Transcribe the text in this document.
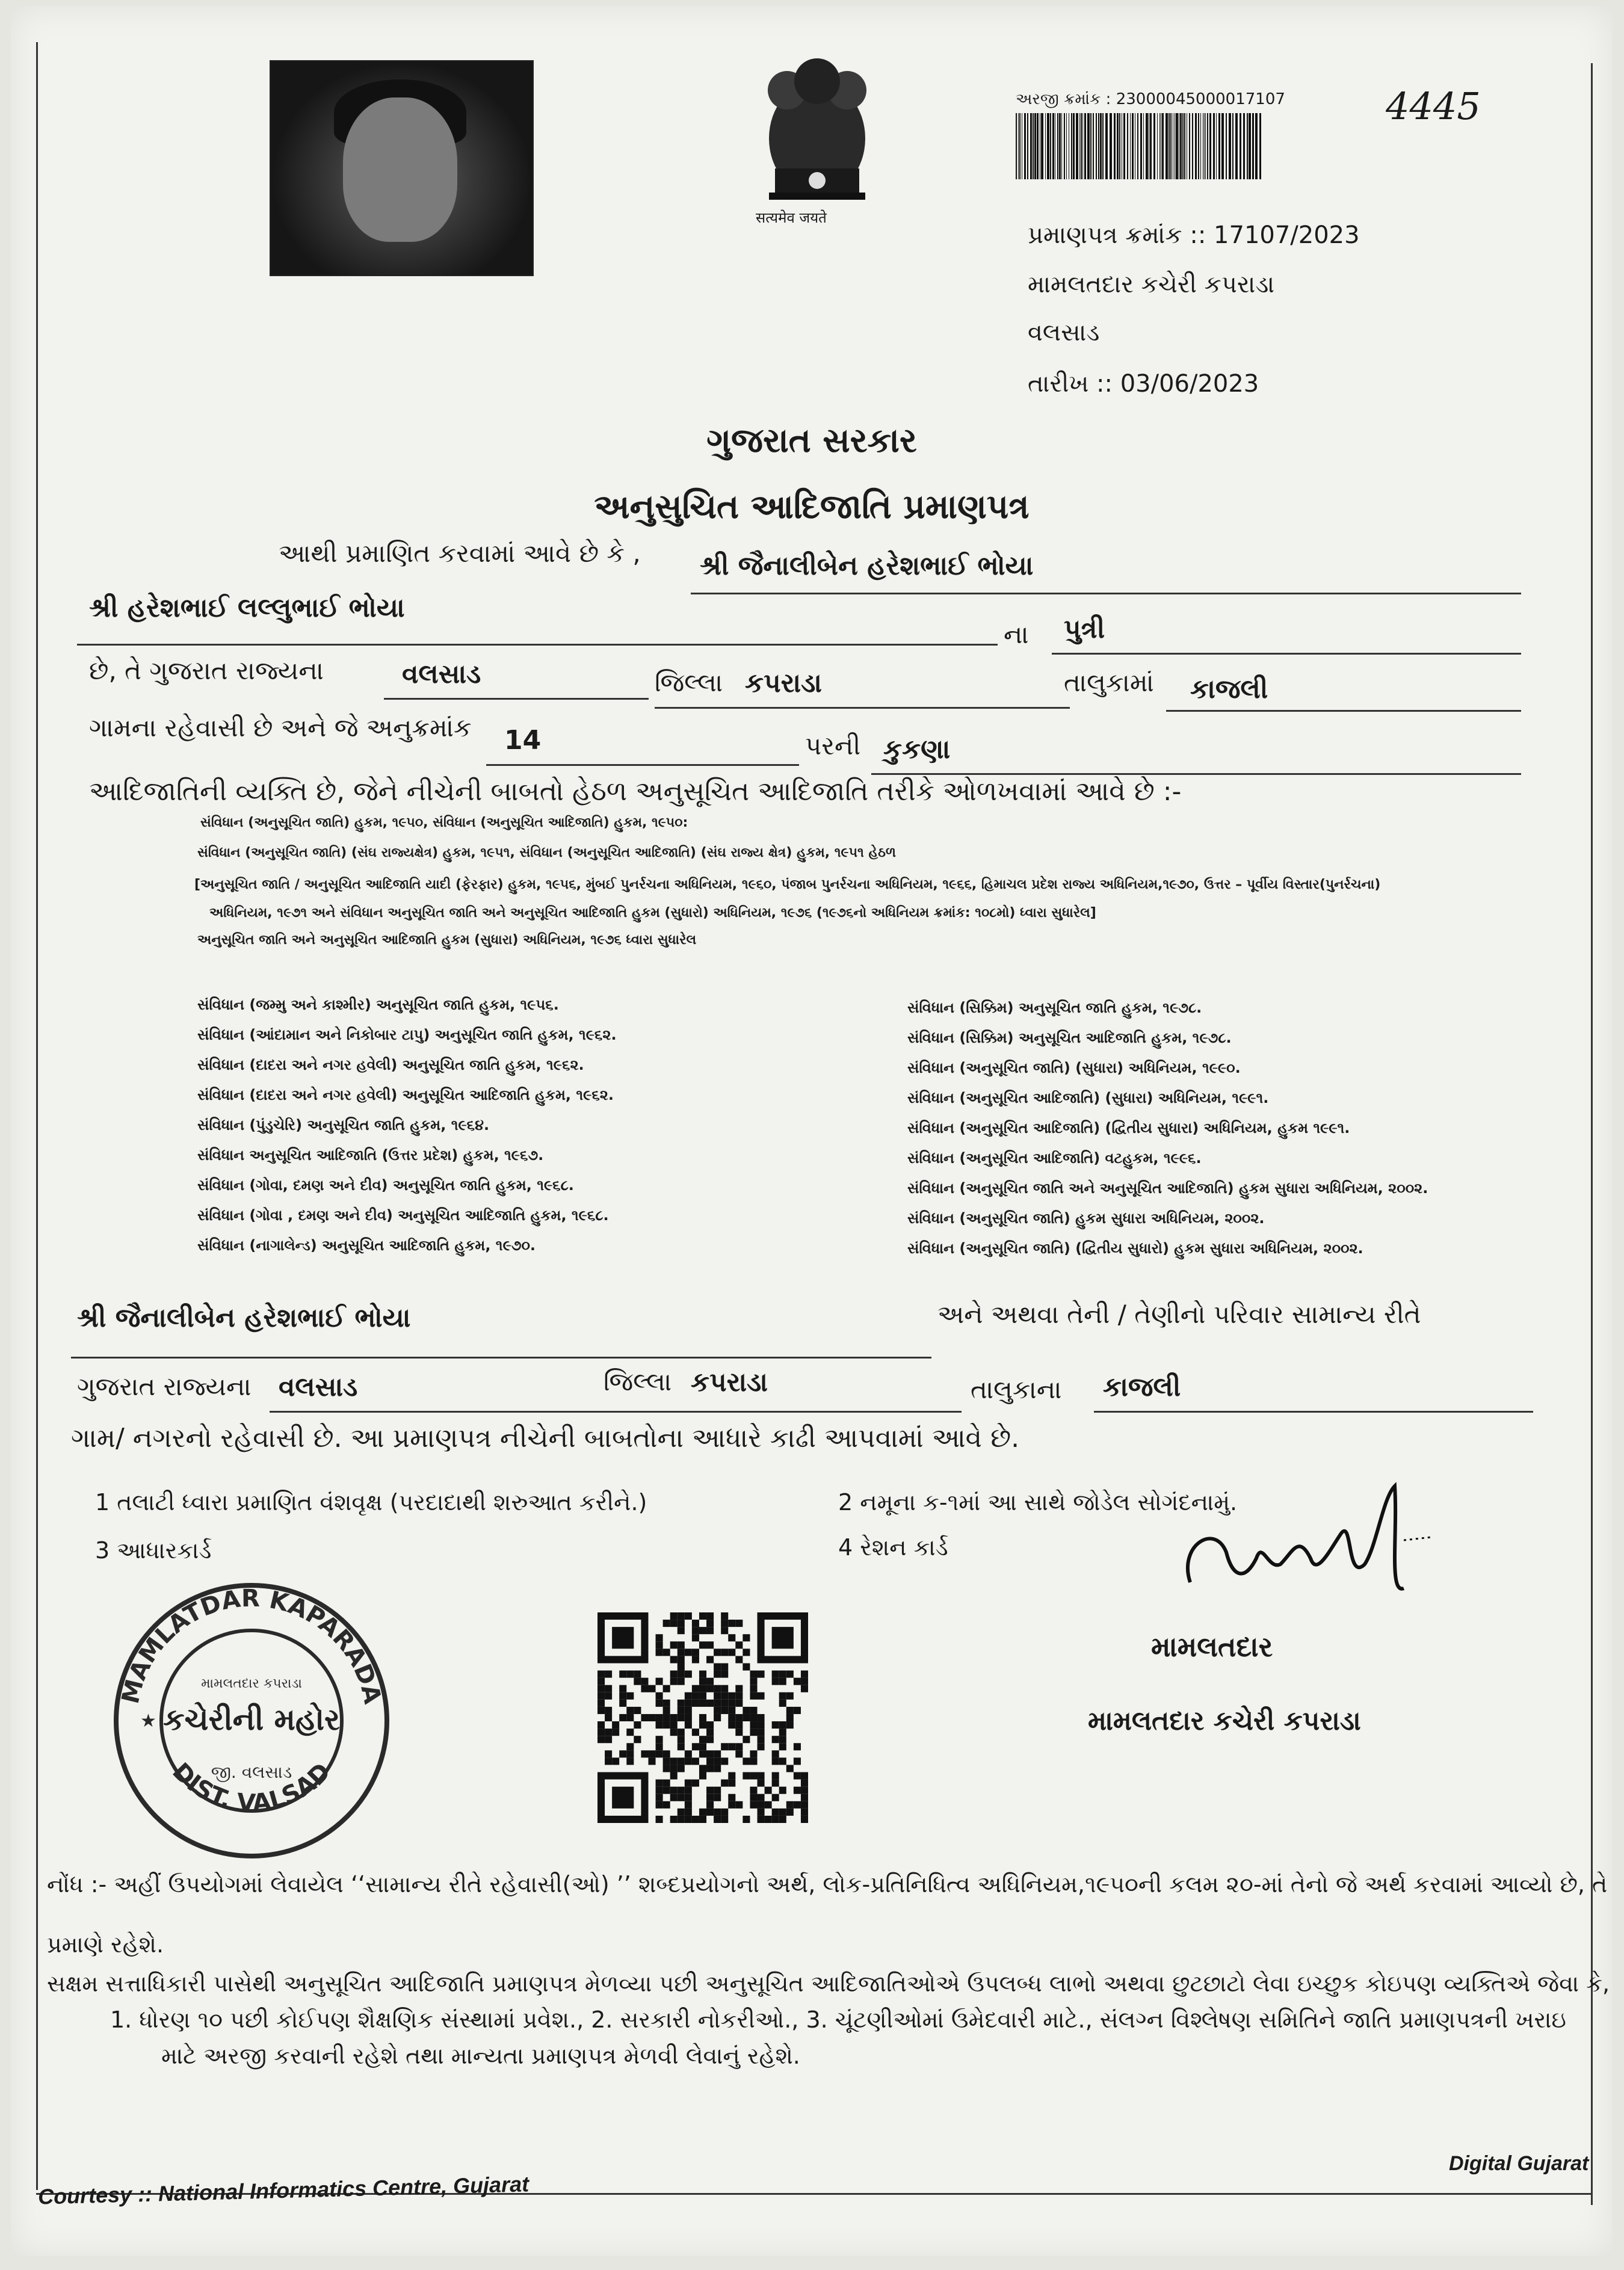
सत्यमेव जयते
અરજી ક્રમાંક : 23000045000017107	4445
પ્રમાણપત્ર ક્રમાંક :: 17107/2023
મામલતદાર કચેરી કપરાડા
વલસાડ
તારીખ :: 03/06/2023
ગુજરાત સરકાર
અનુસુચિત આદિજાતિ પ્રમાણપત્ર
આથી પ્રમાણિત કરવામાં આવે છે કે , શ્રી જૈનાલીબેન હરેશભાઈ ભોયા
શ્રી હરેશભાઈ લલ્લુભાઈ ભોયા
ના પુત્રી
છે, તે ગુજરાત રાજ્યના	વલસાડ	જિલ્લા કપરાડા	તાલુકામાં કાજલી
ગામના રહેવાસી છે અને જે અનુક્રમાંક 14	પરની કુકણા
આદિજાતિની વ્યક્તિ છે, જેને નીચેની બાબતો હેઠળ અનુસૂચિત આદિજાતિ તરીકે ઓળખવામાં આવે છે :-
સંવિધાન (અનુસૂચિત જાતિ) હુકમ, ૧૯૫૦, સંવિધાન (અનુસૂચિત આદિજાતિ) હુકમ, ૧૯૫૦:
સંવિધાન (અનુસૂચિત જાતિ) (સંઘ રાજ્યક્ષેત્ર) હુકમ, ૧૯૫૧, સંવિધાન (અનુસૂચિત આદિજાતિ) (સંઘ રાજ્ય ક્ષેત્ર) હુકમ, ૧૯૫૧ હેઠળ
[અનુસૂચિત જાતિ / અનુસૂચિત આદિજાતિ યાદી (ફેરફાર) હુકમ, ૧૯૫૬, મુંબઈ પુનર્રચના અધિનિયમ, ૧૯૬૦, પંજાબ પુનર્રચના અધિનિયમ, ૧૯૬૬, હિમાચલ પ્રદેશ રાજ્ય અધિનિયમ,૧૯૭૦, ઉત્તર – પૂર્વીય વિસ્તાર(પુનર્રચના)
અધિનિયમ, ૧૯૭૧ અને સંવિધાન અનુસૂચિત જાતિ અને અનુસૂચિત આદિજાતિ હુકમ (સુધારો) અધિનિયમ, ૧૯૭૬ (૧૯૭૬નો અધિનિયમ ક્રમાંક: ૧૦૮મો) ધ્વારા સુધારેલ]
અનુસૂચિત જાતિ અને અનુસૂચિત આદિજાતિ હુકમ (સુધારા) અધિનિયમ, ૧૯૭૬ ધ્વારા સુધારેલ
સંવિધાન (જમ્મુ અને કાશ્મીર) અનુસૂચિત જાતિ હુકમ, ૧૯૫૬.
સંવિધાન (આંદામાન અને નિકોબાર ટાપુ) અનુસૂચિત જાતિ હુકમ, ૧૯૬૨.
સંવિધાન (દાદરા અને નગર હવેલી) અનુસૂચિત જાતિ હુકમ, ૧૯૬૨.
સંવિધાન (દાદરા અને નગર હવેલી) અનુસૂચિત આદિજાતિ હુકમ, ૧૯૬૨.
સંવિધાન (પુંડુચેરિ) અનુસૂચિત જાતિ હુકમ, ૧૯૬૪.
સંવિધાન અનુસૂચિત આદિજાતિ (ઉત્તર પ્રદેશ) હુકમ, ૧૯૬૭.
સંવિધાન (ગોવા, દમણ અને દીવ) અનુસૂચિત જાતિ હુકમ, ૧૯૬૮.
સંવિધાન (ગોવા , દમણ અને દીવ) અનુસૂચિત આદિજાતિ હુકમ, ૧૯૬૮.
સંવિધાન (નાગાલેન્ડ) અનુસૂચિત આદિજાતિ હુકમ, ૧૯૭૦.
સંવિધાન (સિક્કિમ) અનુસૂચિત જાતિ હુકમ, ૧૯૭૮.
સંવિધાન (સિક્કિમ) અનુસૂચિત આદિજાતિ હુકમ, ૧૯૭૮.
સંવિધાન (અનુસૂચિત જાતિ) (સુધારા) અધિનિયમ, ૧૯૯૦.
સંવિધાન (અનુસૂચિત આદિજાતિ) (સુધારા) અધિનિયમ, ૧૯૯૧.
સંવિધાન (અનુસૂચિત આદિજાતિ) (દ્વિતીય સુધારા) અધિનિયમ, હુકમ ૧૯૯૧.
સંવિધાન (અનુસૂચિત આદિજાતિ) વટહુકમ, ૧૯૯૬.
સંવિધાન (અનુસૂચિત જાતિ અને અનુસૂચિત આદિજાતિ) હુકમ સુધારા અધિનિયમ, ૨૦૦૨.
સંવિધાન (અનુસૂચિત જાતિ) હુકમ સુધારા અધિનિયમ, ૨૦૦૨.
સંવિધાન (અનુસૂચિત જાતિ) (દ્વિતીય સુધારો) હુકમ સુધારા અધિનિયમ, ૨૦૦૨.
શ્રી જૈનાલીબેન હરેશભાઈ ભોયા	અને અથવા તેની / તેણીનો પરિવાર સામાન્ય રીતે
ગુજરાત રાજ્યના વલસાડ	જિલ્લા કપરાડા	તાલુકાના કાજલી
ગામ/ નગરનો રહેવાસી છે. આ પ્રમાણપત્ર નીચેની બાબતોના આધારે કાઢી આપવામાં આવે છે.
1 તલાટી ધ્વારા પ્રમાણિત વંશવૃક્ષ (પરદાદાથી શરુઆત કરીને.)	2 નમૂના ક-૧માં આ સાથે જોડેલ સોગંદનામું.
3 આધારકાર્ડ	4 રેશન કાર્ડ
MAMLATDAR KAPARADA
DIST. VALSAD
મામલતદાર કપરાડા
કચેરીની મહોર
જી. વલસાડ
★
મામલતદાર
મામલતદાર કચેરી કપરાડા
નોંધ :- અહીં ઉપયોગમાં લેવાયેલ ‘‘સામાન્ય રીતે રહેવાસી(ઓ) ’’ શબ્દપ્રયોગનો અર્થ, લોક-પ્રતિનિધિત્વ અધિનિયમ,૧૯૫૦ની કલમ ૨૦-માં તેનો જે અર્થ કરવામાં આવ્યો છે, તે
પ્રમાણે રહેશે.
સક્ષમ સત્તાધિકારી પાસેથી અનુસૂચિત આદિજાતિ પ્રમાણપત્ર મેળવ્યા પછી અનુસૂચિત આદિજાતિઓએ ઉપલબ્ધ લાભો અથવા છુટછાટો લેવા ઇચ્છુક કોઇપણ વ્યક્તિએ જેવા કે,
1. ધોરણ ૧૦ પછી કોઈપણ શૈક્ષણિક સંસ્થામાં પ્રવેશ., 2. સરકારી નોકરીઓ., 3. ચૂંટણીઓમાં ઉમેદવારી માટે., સંલગ્ન વિશ્લેષણ સમિતિને જાતિ પ્રમાણપત્રની ખરાઇ
માટે અરજી કરવાની રહેશે તથા માન્યતા પ્રમાણપત્ર મેળવી લેવાનું રહેશે.
Courtesy :: National Informatics Centre, Gujarat
Digital Gujarat
